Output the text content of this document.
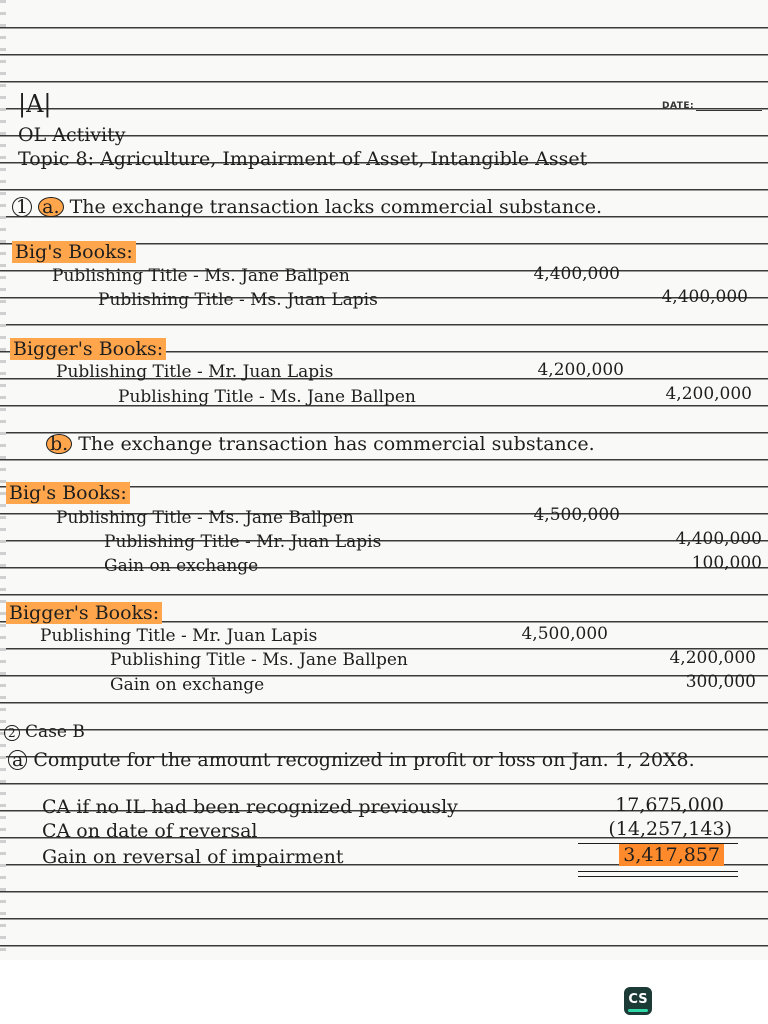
|A|	DATE:
OL Activity
Topic 8: Agriculture, Impairment of Asset, Intangible Asset
1 a. The exchange transaction lacks commercial substance.
Big's Books:
Publishing Title - Ms. Jane Ballpen	4,400,000
Publishing Title - Ms. Juan Lapis	4,400,000
Bigger's Books:
Publishing Title - Mr. Juan Lapis	4,200,000
Publishing Title - Ms. Jane Ballpen	4,200,000
b. The exchange transaction has commercial substance.
Big's Books:
Publishing Title - Ms. Jane Ballpen	4,500,000
Publishing Title - Mr. Juan Lapis	4,400,000
Gain on exchange	100,000
Bigger's Books:
Publishing Title - Mr. Juan Lapis	4,500,000
Publishing Title - Ms. Jane Ballpen	4,200,000
Gain on exchange	300,000
2 Case B
a Compute for the amount recognized in profit or loss on Jan. 1, 20X8.
CA if no IL had been recognized previously	17,675,000
CA on date of reversal	(14,257,143)
Gain on reversal of impairment	3,417,857
CS
